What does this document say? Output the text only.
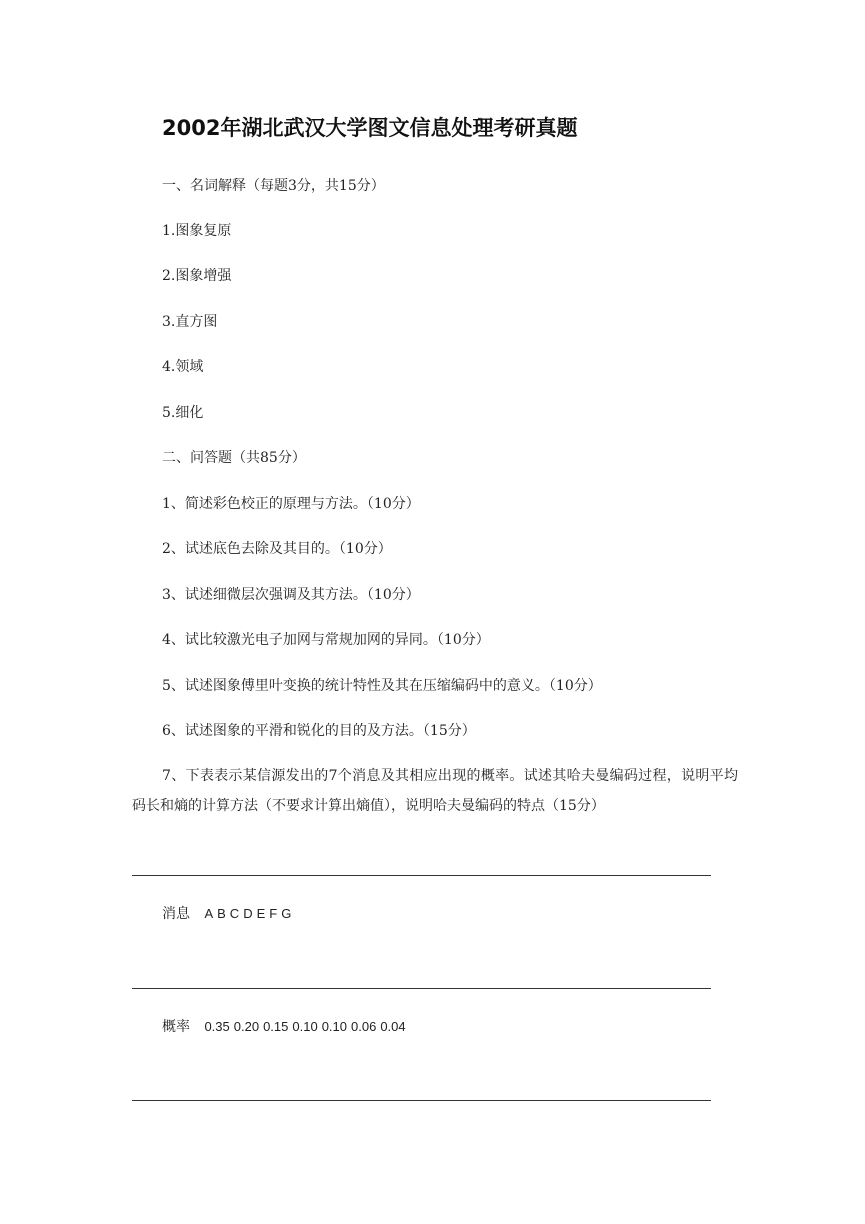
2002年湖北武汉大学图文信息处理考研真题
一、名词解释（每题3分，共15分）
1.图象复原
2.图象增强
3.直方图
4.领域
5.细化
二、问答题（共85分）
1、简述彩色校正的原理与方法。（10分）
2、试述底色去除及其目的。（10分）
3、试述细微层次强调及其方法。（10分）
4、试比较激光电子加网与常规加网的异同。（10分）
5、试述图象傅里叶变换的统计特性及其在压缩编码中的意义。（10分）
6、试述图象的平滑和锐化的目的及方法。（15分）
7、下表表示某信源发出的7个消息及其相应出现的概率。试述其哈夫曼编码过程，说明平均码长和熵的计算方法（不要求计算出熵值），说明哈夫曼编码的特点（15分）
消息 A B C D E F G
概率 0.35 0.20 0.15 0.10 0.10 0.06 0.04
